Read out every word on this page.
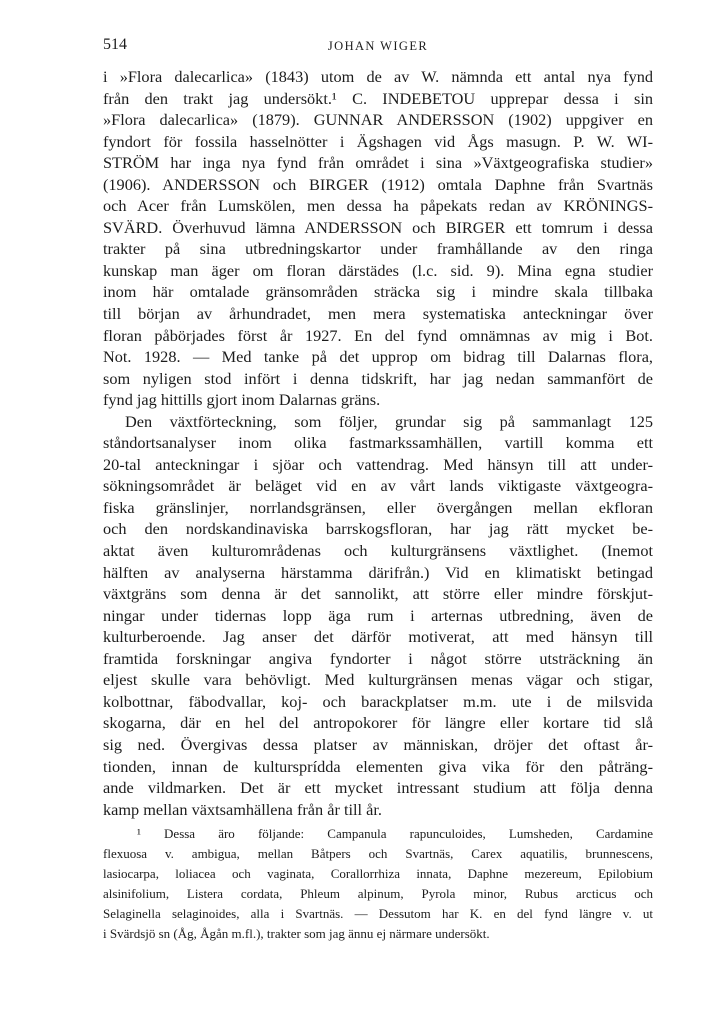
514	JOHAN WIGER
i »Flora dalecarlica» (1843) utom de av W. nämnda ett antal nya fynd
från den trakt jag undersökt.¹ C. INDEBETOU upprepar dessa i sin
»Flora dalecarlica» (1879). GUNNAR ANDERSSON (1902) uppgiver en
fyndort för fossila hasselnötter i Ägshagen vid Ågs masugn. P. W. WI-
STRÖM har inga nya fynd från området i sina »Växtgeografiska studier»
(1906). ANDERSSON och BIRGER (1912) omtala Daphne från Svartnäs
och Acer från Lumskölen, men dessa ha påpekats redan av KRÖNINGS-
SVÄRD. Överhuvud lämna ANDERSSON och BIRGER ett tomrum i dessa
trakter på sina utbredningskartor under framhållande av den ringa
kunskap man äger om floran därstädes (l.c. sid. 9). Mina egna studier
inom här omtalade gränsområden sträcka sig i mindre skala tillbaka
till början av århundradet, men mera systematiska anteckningar över
floran påbörjades först år 1927. En del fynd omnämnas av mig i Bot.
Not. 1928. — Med tanke på det upprop om bidrag till Dalarnas flora,
som nyligen stod infört i denna tidskrift, har jag nedan sammanfört de
fynd jag hittills gjort inom Dalarnas gräns.
Den växtförteckning, som följer, grundar sig på sammanlagt 125
ståndortsanalyser inom olika fastmarkssamhällen, vartill komma ett
20-tal anteckningar i sjöar och vattendrag. Med hänsyn till att under-
sökningsområdet är beläget vid en av vårt lands viktigaste växtgeogra-
fiska gränslinjer, norrlandsgränsen, eller övergången mellan ekfloran
och den nordskandinaviska barrskogsfloran, har jag rätt mycket be-
aktat även kulturområdenas och kulturgränsens växtlighet. (Inemot
hälften av analyserna härstamma därifrån.) Vid en klimatiskt betingad
växtgräns som denna är det sannolikt, att större eller mindre förskjut-
ningar under tidernas lopp äga rum i arternas utbredning, även de
kulturberoende. Jag anser det därför motiverat, att med hänsyn till
framtida forskningar angiva fyndorter i något större utsträckning än
eljest skulle vara behövligt. Med kulturgränsen menas vägar och stigar,
kolbottnar, fäbodvallar, koj- och barackplatser m.m. ute i de milsvida
skogarna, där en hel del antropokorer för längre eller kortare tid slå
sig ned. Övergivas dessa platser av människan, dröjer det oftast år-
tionden, innan de kultursprídda elementen giva vika för den påträng-
ande vildmarken. Det är ett mycket intressant studium att följa denna
kamp mellan växtsamhällena från år till år.
¹ Dessa äro följande: Campanula rapunculoides, Lumsheden, Cardamine
flexuosa v. ambigua, mellan Båtpers och Svartnäs, Carex aquatilis, brunnescens,
lasiocarpa, loliacea och vaginata, Corallorrhiza innata, Daphne mezereum, Epilobium
alsinifolium, Listera cordata, Phleum alpinum, Pyrola minor, Rubus arcticus och
Selaginella selaginoides, alla i Svartnäs. — Dessutom har K. en del fynd längre v. ut
i Svärdsjö sn (Åg, Ågån m.fl.), trakter som jag ännu ej närmare undersökt.
